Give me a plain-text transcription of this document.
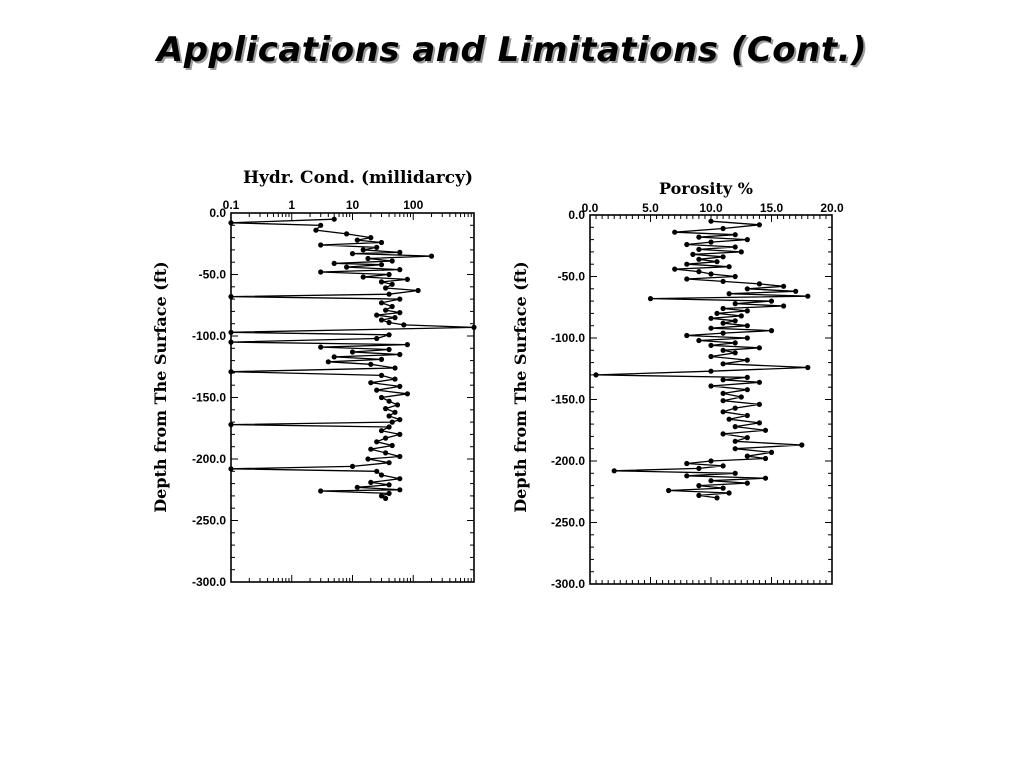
Applications and Limitations (Cont.)
0.1	1	10	100
0.0
-50.0
-100.0
-150.0
-200.0
-250.0
-300.0
Hydr. Cond. (millidarcy)
Depth from The Surface (ft)
0.0	5.0	10.0	15.0	20.0
0.0
-50.0
-100.0
-150.0
-200.0
-250.0
-300.0
Porosity %
Depth from The Surface (ft)
